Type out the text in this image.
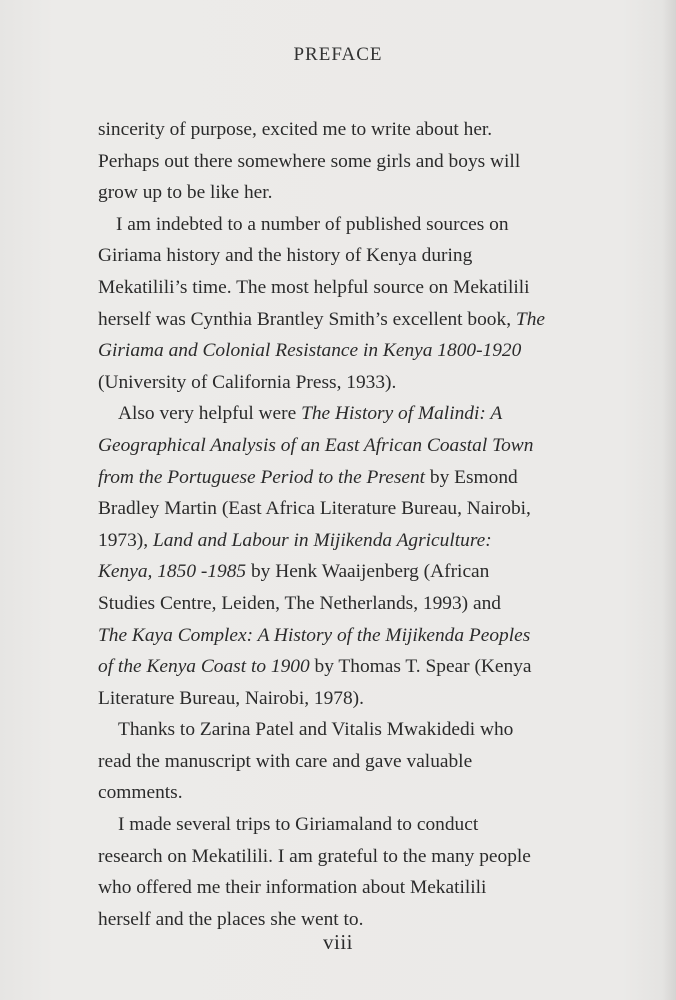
PREFACE
sincerity of purpose, excited me to write about her.
Perhaps out there somewhere some girls and boys will
grow up to be like her.
I am indebted to a number of published sources on
Giriama history and the history of Kenya during
Mekatilili’s time. The most helpful source on Mekatilili
herself was Cynthia Brantley Smith’s excellent book, The
Giriama and Colonial Resistance in Kenya 1800-1920
(University of California Press, 1933).
Also very helpful were The History of Malindi: A
Geographical Analysis of an East African Coastal Town
from the Portuguese Period to the Present by Esmond
Bradley Martin (East Africa Literature Bureau, Nairobi,
1973), Land and Labour in Mijikenda Agriculture:
Kenya, 1850 -1985 by Henk Waaijenberg (African
Studies Centre, Leiden, The Netherlands, 1993) and
The Kaya Complex: A History of the Mijikenda Peoples
of the Kenya Coast to 1900 by Thomas T. Spear (Kenya
Literature Bureau, Nairobi, 1978).
Thanks to Zarina Patel and Vitalis Mwakidedi who
read the manuscript with care and gave valuable
comments.
I made several trips to Giriamaland to conduct
research on Mekatilili. I am grateful to the many people
who offered me their information about Mekatilili
herself and the places she went to.
viii
